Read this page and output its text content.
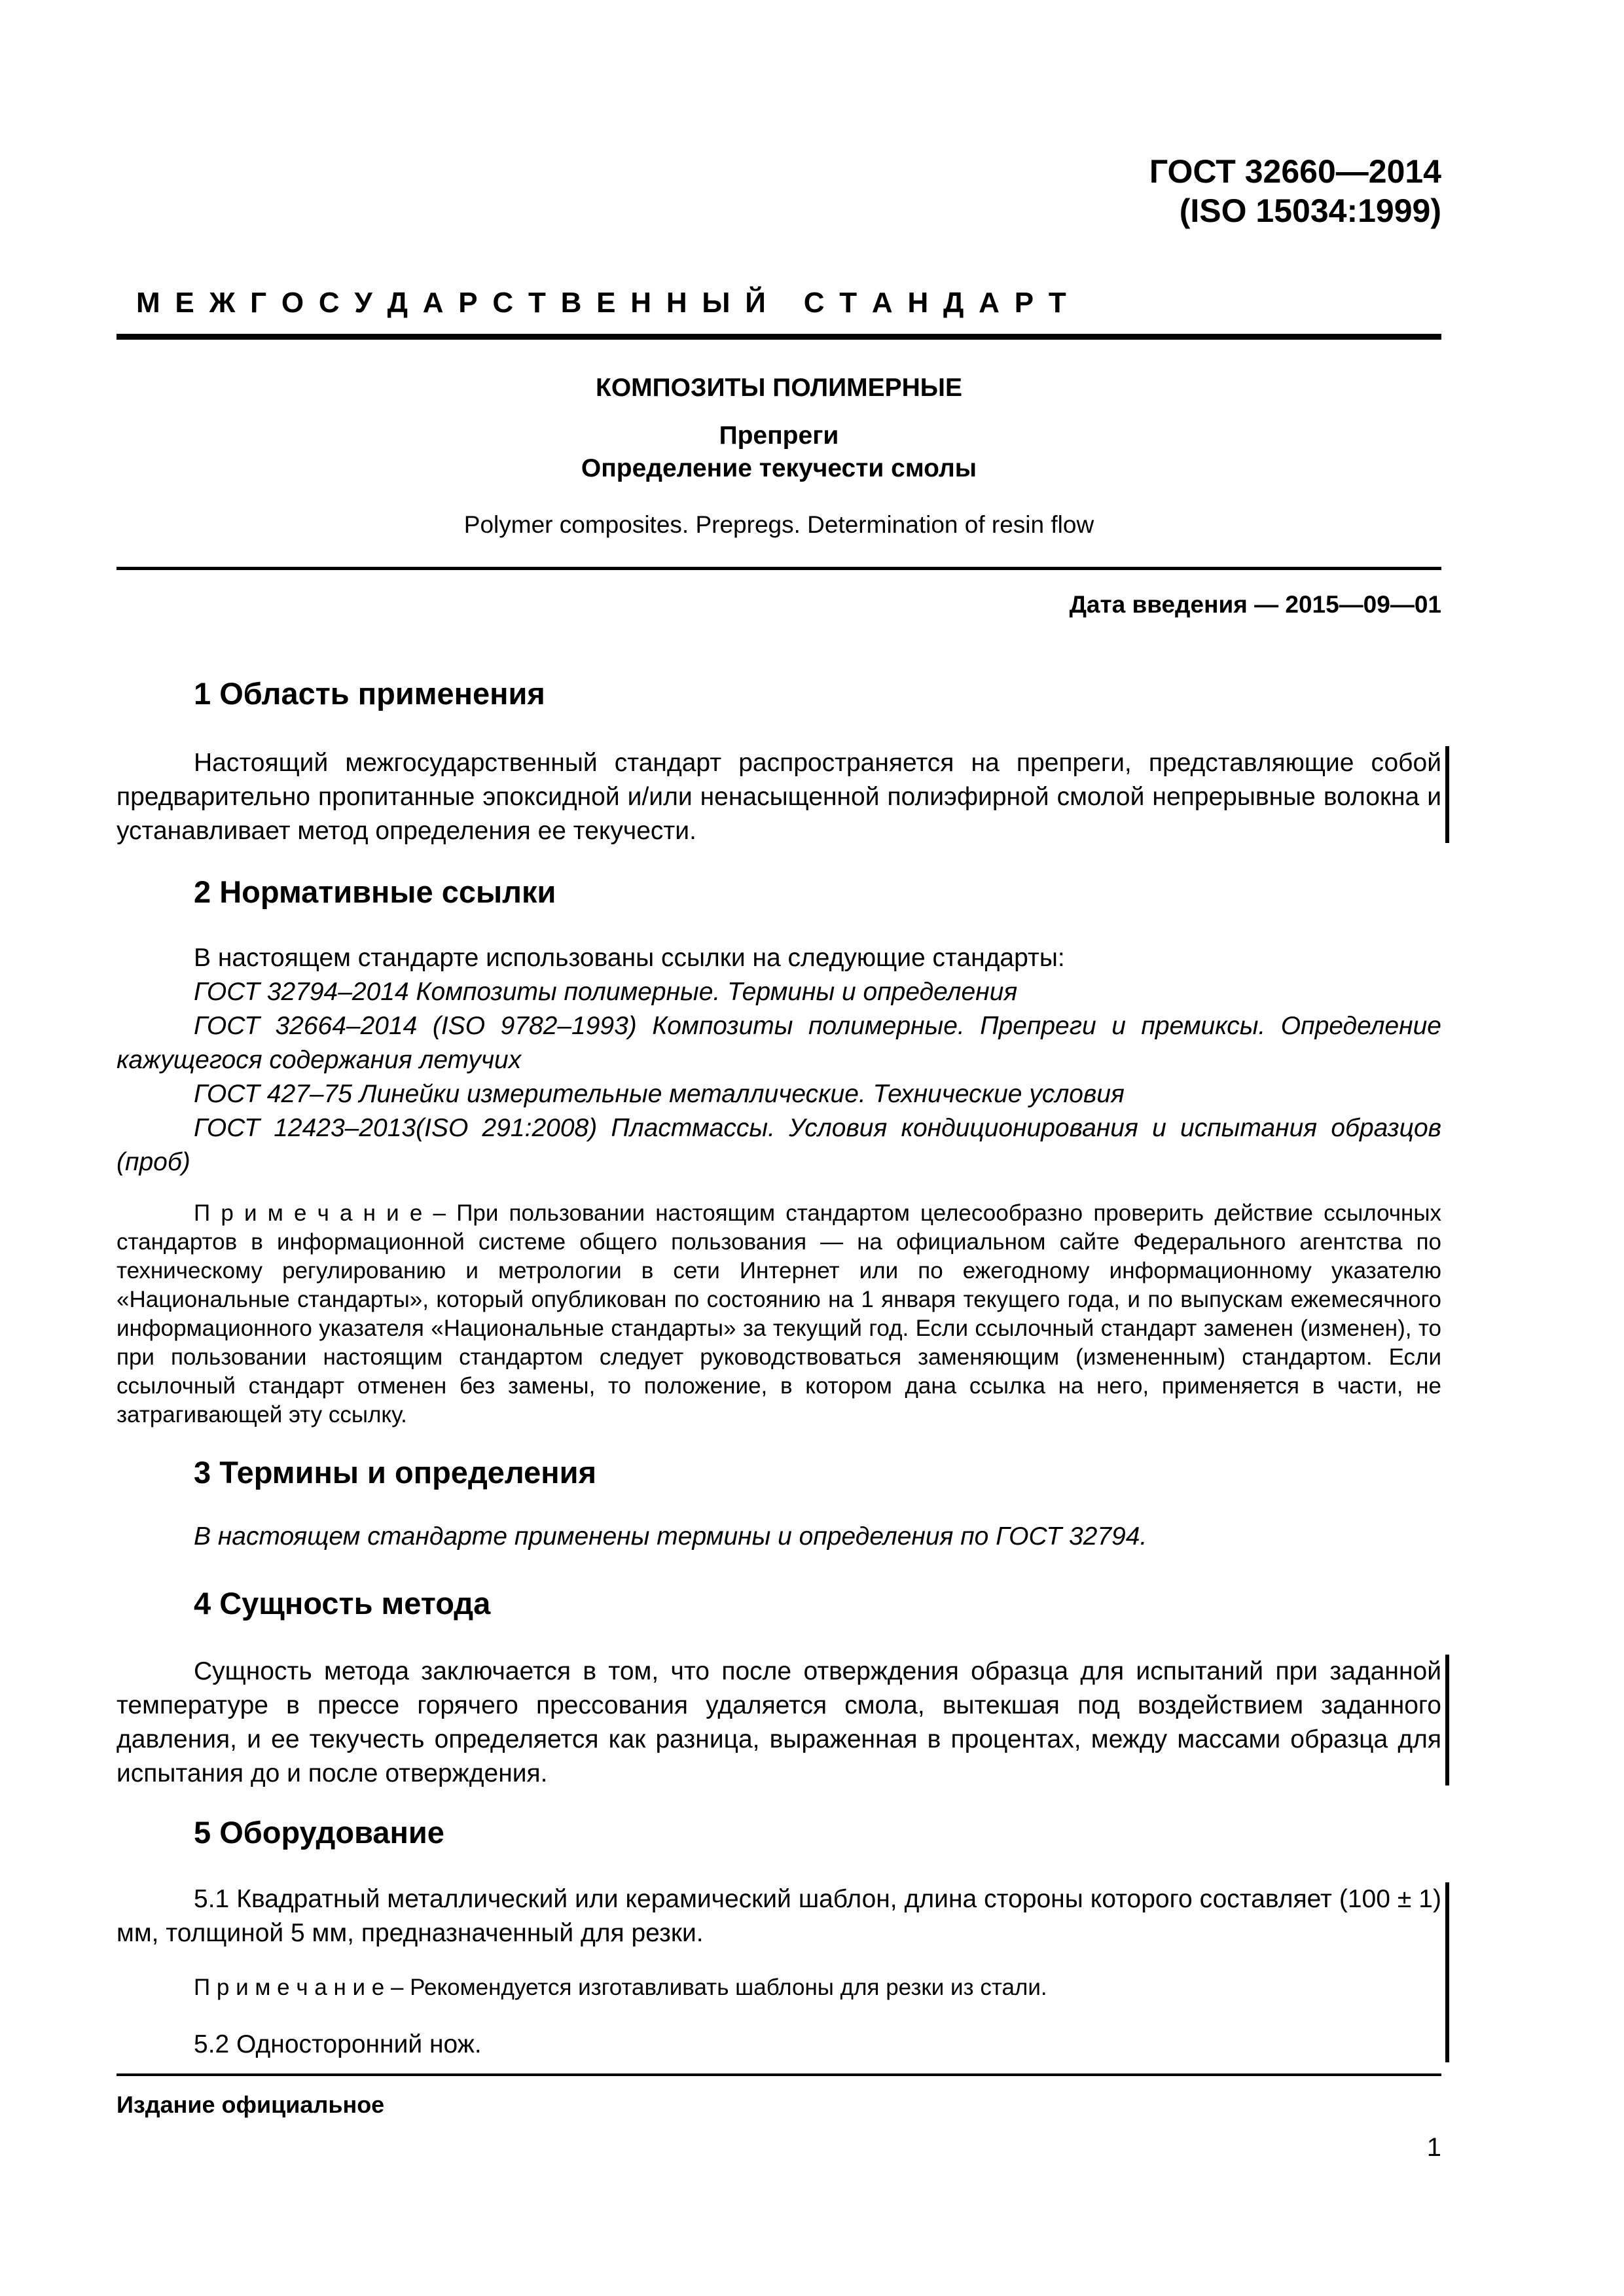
ГОСТ 32660—2014
(ISO 15034:1999)
М Е Ж Г О С У Д А Р С Т В Е Н Н Ы Й   С Т А Н Д А Р Т
КОМПОЗИТЫ ПОЛИМЕРНЫЕ
Препреги
Определение текучести смолы
Polymer composites. Prepregs. Determination of resin flow
Дата введения — 2015—09—01
1 Область применения

Настоящий межгосударственный стандарт распространяется на препреги, представляющие собой предварительно пропитанные эпоксидной и/или ненасыщенной полиэфирной смолой непрерывные волокна и устанавливает метод определения ее текучести.

2 Нормативные ссылки

В настоящем стандарте использованы ссылки на следующие стандарты:

ГОСТ 32794–2014 Композиты полимерные. Термины и определения

ГОСТ 32664–2014 (ISO 9782–1993) Композиты полимерные. Препреги и премиксы. Определение кажущегося содержания летучих

ГОСТ 427–75 Линейки измерительные металлические. Технические условия

ГОСТ 12423–2013(ISO 291:2008) Пластмассы. Условия кондиционирования и испытания образцов (проб)

П р и м е ч а н и е – При пользовании настоящим стандартом целесообразно проверить действие ссылочных стандартов в информационной системе общего пользования — на официальном сайте Федерального агентства по техническому регулированию и метрологии в сети Интернет или по ежегодному информационному указателю «Национальные стандарты», который опубликован по состоянию на 1 января текущего года, и по выпускам ежемесячного информационного указателя «Национальные стандарты» за текущий год. Если ссылочный стандарт заменен (изменен), то при пользовании настоящим стандартом следует руководствоваться заменяющим (измененным) стандартом. Если ссылочный стандарт отменен без замены, то положение, в котором дана ссылка на него, применяется в части, не затрагивающей эту ссылку.

3 Термины и определения

В настоящем стандарте применены термины и определения по ГОСТ 32794.

4 Сущность метода

Сущность метода заключается в том, что после отверждения образца для испытаний при заданной температуре в прессе горячего прессования удаляется смола, вытекшая под воздействием заданного давления, и ее текучесть определяется как разница, выраженная в процентах, между массами образца для испытания до и после отверждения.

5 Оборудование

5.1 Квадратный металлический или керамический шаблон, длина стороны которого составляет (100 ± 1) мм, толщиной 5 мм, предназначенный для резки.

П р и м е ч а н и е – Рекомендуется изготавливать шаблоны для резки из стали.

5.2 Односторонний нож.

Издание официальное
1
